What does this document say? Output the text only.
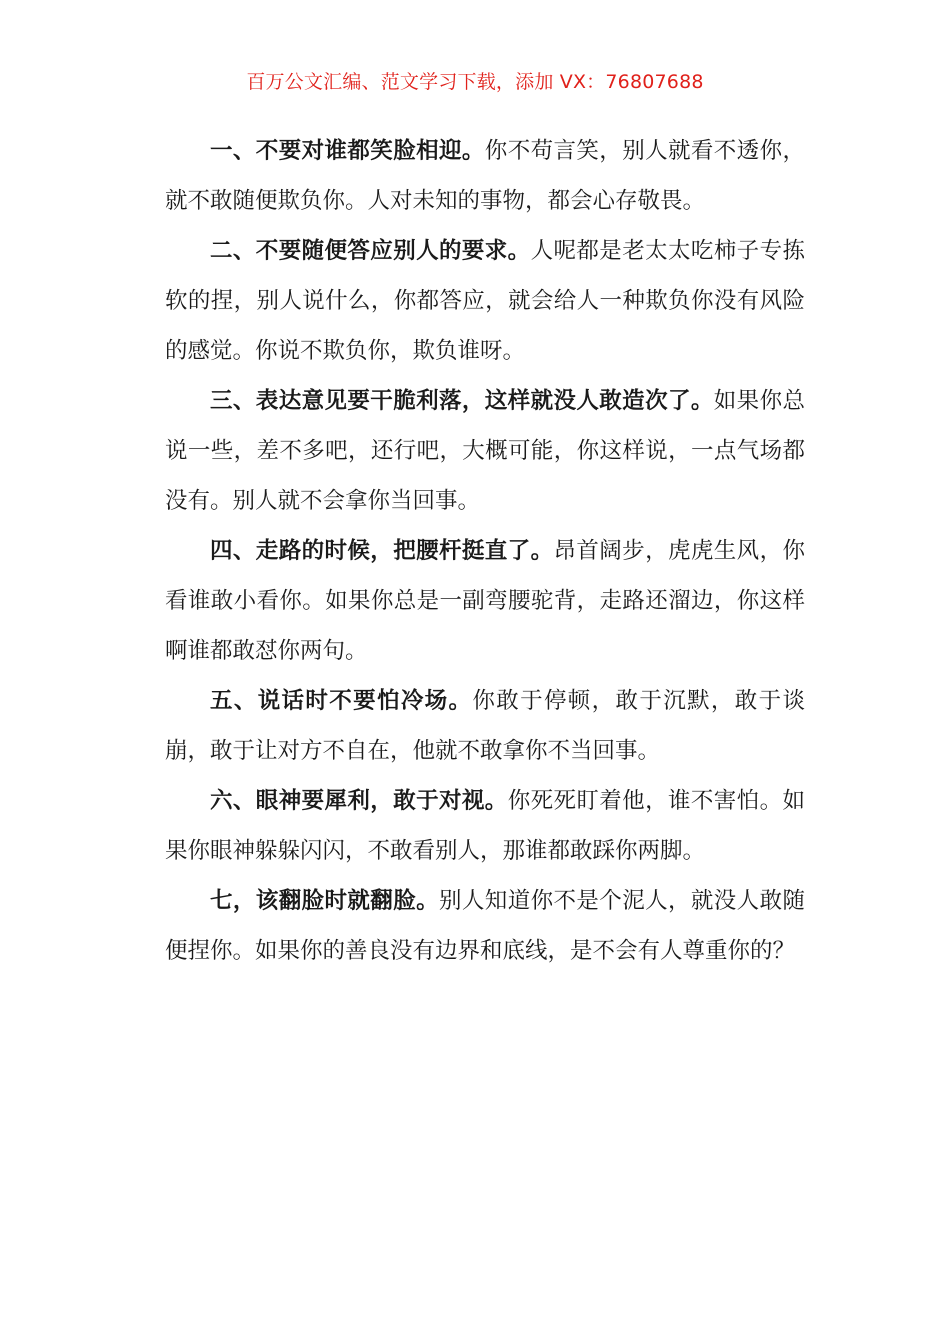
百万公文汇编、范文学习下载，添加 VX：76807688

一、不要对谁都笑脸相迎。你不苟言笑，别人就看不透你，就不敢随便欺负你。人对未知的事物，都会心存敬畏。

二、不要随便答应别人的要求。人呢都是老太太吃柿子专拣软的捏，别人说什么，你都答应，就会给人一种欺负你没有风险的感觉。你说不欺负你，欺负谁呀。

三、表达意见要干脆利落，这样就没人敢造次了。如果你总说一些，差不多吧，还行吧，大概可能，你这样说，一点气场都没有。别人就不会拿你当回事。

四、走路的时候，把腰杆挺直了。昂首阔步，虎虎生风，你看谁敢小看你。如果你总是一副弯腰驼背，走路还溜边，你这样啊谁都敢怼你两句。

五、说话时不要怕冷场。你敢于停顿，敢于沉默，敢于谈崩，敢于让对方不自在，他就不敢拿你不当回事。

六、眼神要犀利，敢于对视。你死死盯着他，谁不害怕。如果你眼神躲躲闪闪，不敢看别人，那谁都敢踩你两脚。

七，该翻脸时就翻脸。别人知道你不是个泥人，就没人敢随便捏你。如果你的善良没有边界和底线，是不会有人尊重你的？
